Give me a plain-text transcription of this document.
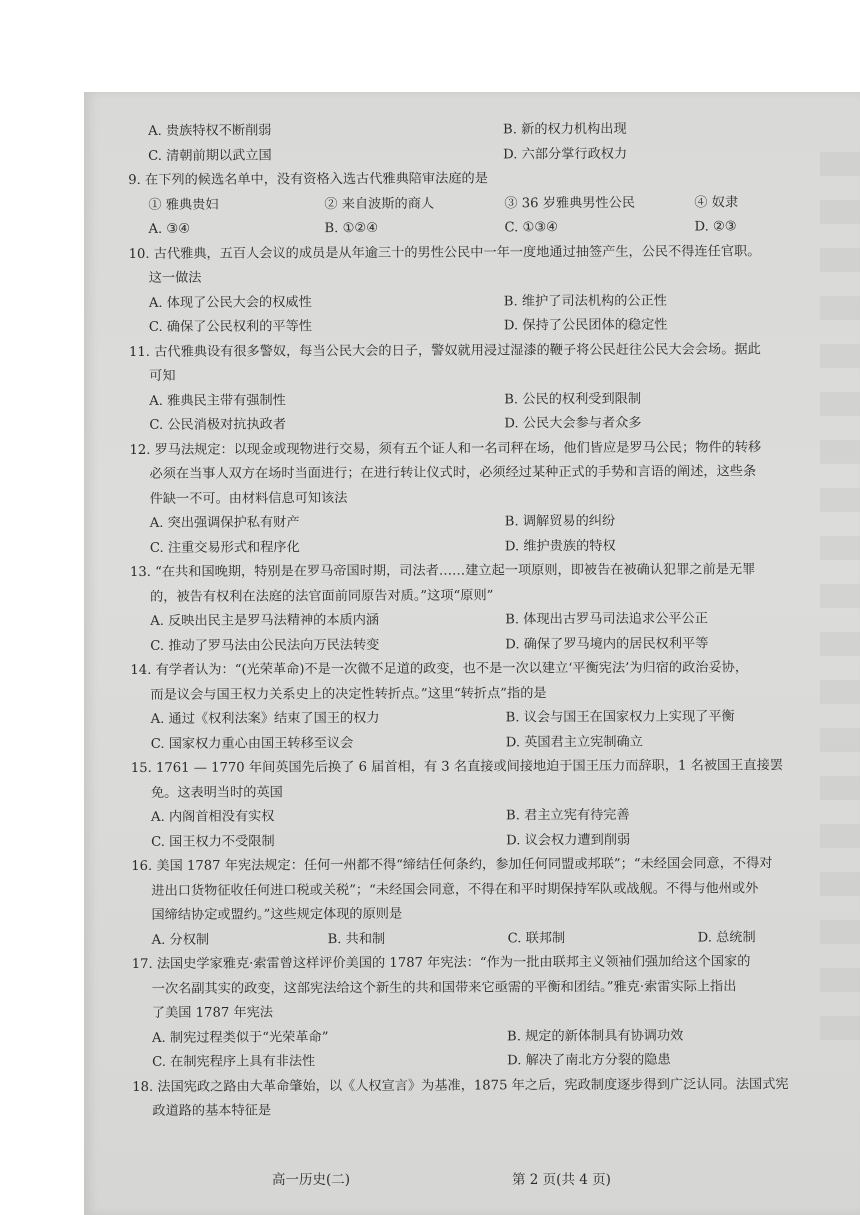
A. 贵族特权不断削弱	B. 新的权力机构出现
C. 清朝前期以武立国	D. 六部分掌行政权力
9. 在下列的候选名单中，没有资格入选古代雅典陪审法庭的是
① 雅典贵妇	② 来自波斯的商人	③ 36 岁雅典男性公民	④ 奴隶
A. ③④	B. ①②④	C. ①③④	D. ②③
10. 古代雅典，五百人会议的成员是从年逾三十的男性公民中一年一度地通过抽签产生，公民不得连任官职。
这一做法
A. 体现了公民大会的权威性	B. 维护了司法机构的公正性
C. 确保了公民权利的平等性	D. 保持了公民团体的稳定性
11. 古代雅典设有很多警奴，每当公民大会的日子，警奴就用浸过湿漆的鞭子将公民赶往公民大会会场。据此
可知
A. 雅典民主带有强制性	B. 公民的权利受到限制
C. 公民消极对抗执政者	D. 公民大会参与者众多
12. 罗马法规定：以现金或现物进行交易，须有五个证人和一名司秤在场，他们皆应是罗马公民；物件的转移
必须在当事人双方在场时当面进行；在进行转让仪式时，必须经过某种正式的手势和言语的阐述，这些条
件缺一不可。由材料信息可知该法
A. 突出强调保护私有财产	B. 调解贸易的纠纷
C. 注重交易形式和程序化	D. 维护贵族的特权
13. “在共和国晚期，特别是在罗马帝国时期，司法者……建立起一项原则，即被告在被确认犯罪之前是无罪
的，被告有权利在法庭的法官面前同原告对质。”这项“原则”
A. 反映出民主是罗马法精神的本质内涵	B. 体现出古罗马司法追求公平公正
C. 推动了罗马法由公民法向万民法转变	D. 确保了罗马境内的居民权利平等
14. 有学者认为：“(光荣革命)不是一次微不足道的政变，也不是一次以建立‘平衡宪法’为归宿的政治妥协，
而是议会与国王权力关系史上的决定性转折点。”这里“转折点”指的是
A. 通过《权利法案》结束了国王的权力	B. 议会与国王在国家权力上实现了平衡
C. 国家权力重心由国王转移至议会	D. 英国君主立宪制确立
15. 1761 — 1770 年间英国先后换了 6 届首相，有 3 名直接或间接地迫于国王压力而辞职，1 名被国王直接罢
免。这表明当时的英国
A. 内阁首相没有实权	B. 君主立宪有待完善
C. 国王权力不受限制	D. 议会权力遭到削弱
16. 美国 1787 年宪法规定：任何一州都不得“缔结任何条约，参加任何同盟或邦联”；“未经国会同意，不得对
进出口货物征收任何进口税或关税”；“未经国会同意，不得在和平时期保持军队或战舰。不得与他州或外
国缔结协定或盟约。”这些规定体现的原则是
A. 分权制	B. 共和制	C. 联邦制	D. 总统制
17. 法国史学家雅克·索雷曾这样评价美国的 1787 年宪法：“作为一批由联邦主义领袖们强加给这个国家的
一次名副其实的政变，这部宪法给这个新生的共和国带来它亟需的平衡和团结。”雅克·索雷实际上指出
了美国 1787 年宪法
A. 制宪过程类似于“光荣革命”	B. 规定的新体制具有协调功效
C. 在制宪程序上具有非法性	D. 解决了南北方分裂的隐患
18. 法国宪政之路由大革命肇始，以《人权宣言》为基准，1875 年之后，宪政制度逐步得到广泛认同。法国式宪
政道路的基本特征是
高一历史(二)	第 2 页(共 4 页)
